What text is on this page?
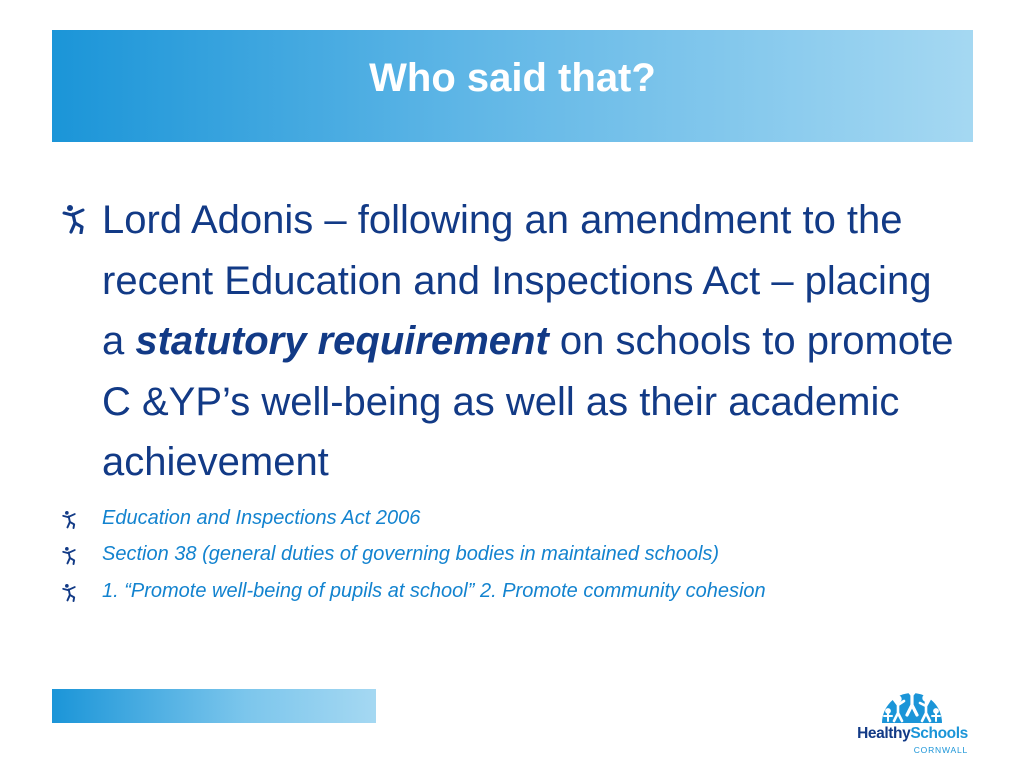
Who said that?

Lord Adonis – following an amendment to the recent Education and Inspections Act – placing a statutory requirement on schools to promote C &YP’s well-being as well as their academic achievement

Education and Inspections Act 2006
Section 38 (general duties of governing bodies in maintained schools)
1. “Promote well-being of pupils at school” 2. Promote community cohesion
HealthySchools
CORNWALL
